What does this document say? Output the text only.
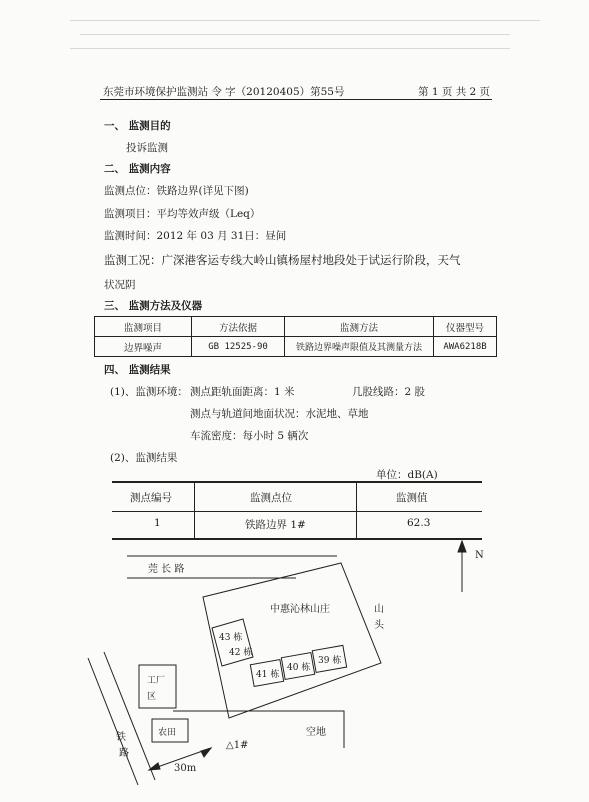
东莞市环境保护监测站 令 字（20120405）第55号	第 1 页 共 2 页
一、 监测目的
投诉监测
二、 监测内容
监测点位：铁路边界(详见下图)
监测项目：平均等效声级（Leq）
监测时间：2012 年 03 月 31日：昼间
监测工况：广深港客运专线大岭山镇杨屋村地段处于试运行阶段，天气
状况阴
三、 监测方法及仪器
监测项目	方法依据	监测方法	仪器型号
边界噪声	GB 12525-90	铁路边界噪声限值及其测量方法	AWA6218B
四、 监测结果
(1)、监测环境： 测点距轨面距离：1 米	几股线路：2 股
测点与轨道间地面状况：水泥地、草地
车流密度：每小时 5 辆次
(2)、监测结果
单位：dB(A)
测点编号	监测点位	监测值
1	铁路边界 1#	62.3
N
莞 长 路
中惠沁林山庄	山
头
43 栋
42 栋
41 栋
40 栋
39 栋
工厂
区
农田	空地
铁
路
△1#
30m
